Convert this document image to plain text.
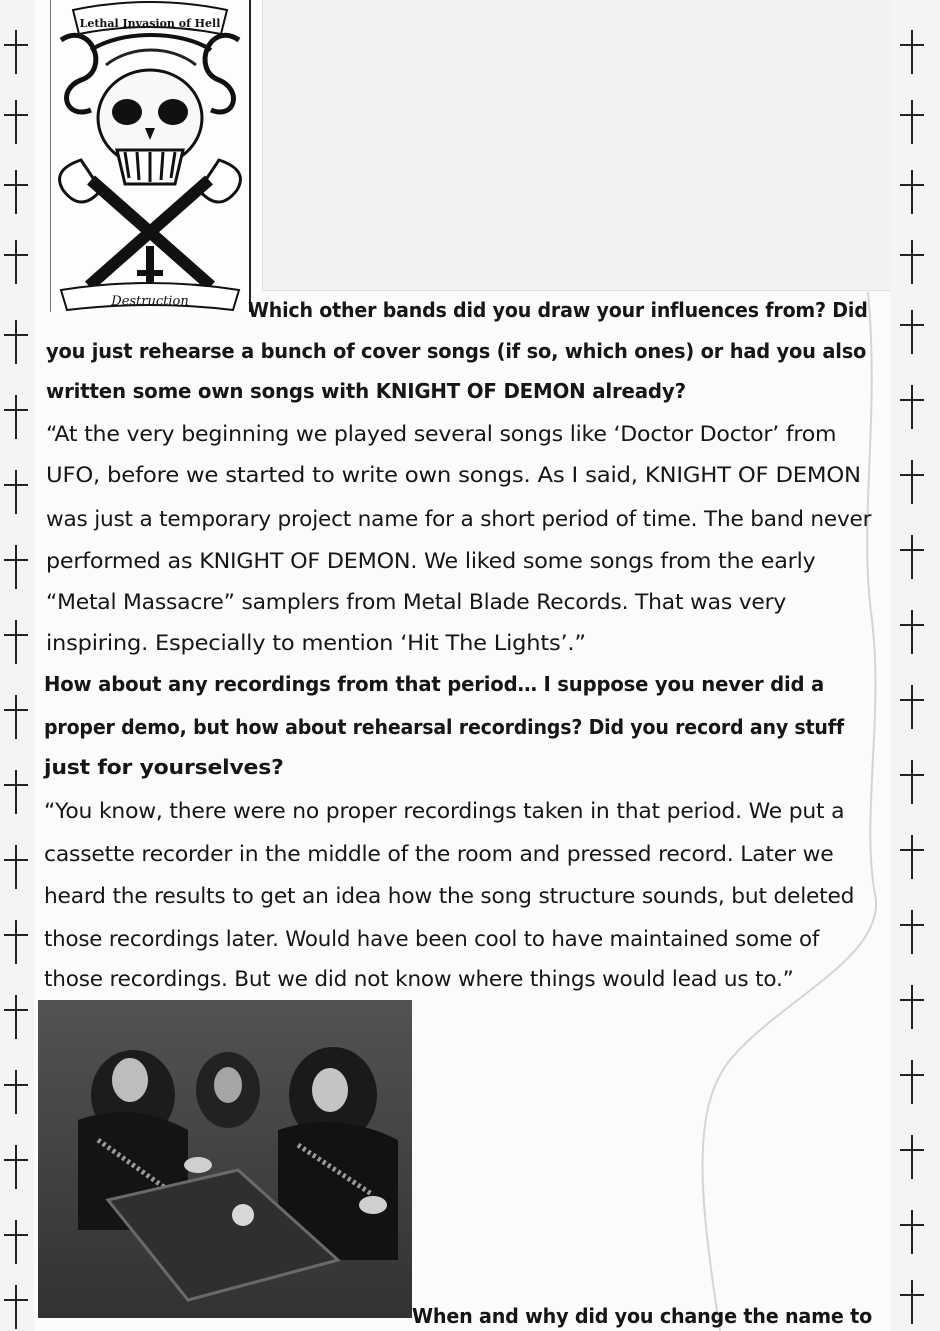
Lethal Invasion of Hell
Destruction	Which other bands did you draw your influences from? Did
you just rehearse a bunch of cover songs (if so, which ones) or had you also
written some own songs with KNIGHT OF DEMON already?
“At the very beginning we played several songs like ‘Doctor Doctor’ from
UFO, before we started to write own songs. As I said, KNIGHT OF DEMON
was just a temporary project name for a short period of time. The band never
performed as KNIGHT OF DEMON. We liked some songs from the early
“Metal Massacre” samplers from Metal Blade Records. That was very
inspiring. Especially to mention ‘Hit The Lights’.”
How about any recordings from that period… I suppose you never did a
proper demo, but how about rehearsal recordings? Did you record any stuff
just for yourselves?
“You know, there were no proper recordings taken in that period. We put a
cassette recorder in the middle of the room and pressed record. Later we
heard the results to get an idea how the song structure sounds, but deleted
those recordings later. Would have been cool to have maintained some of
those recordings. But we did not know where things would lead us to.”
When and why did you change the name to
